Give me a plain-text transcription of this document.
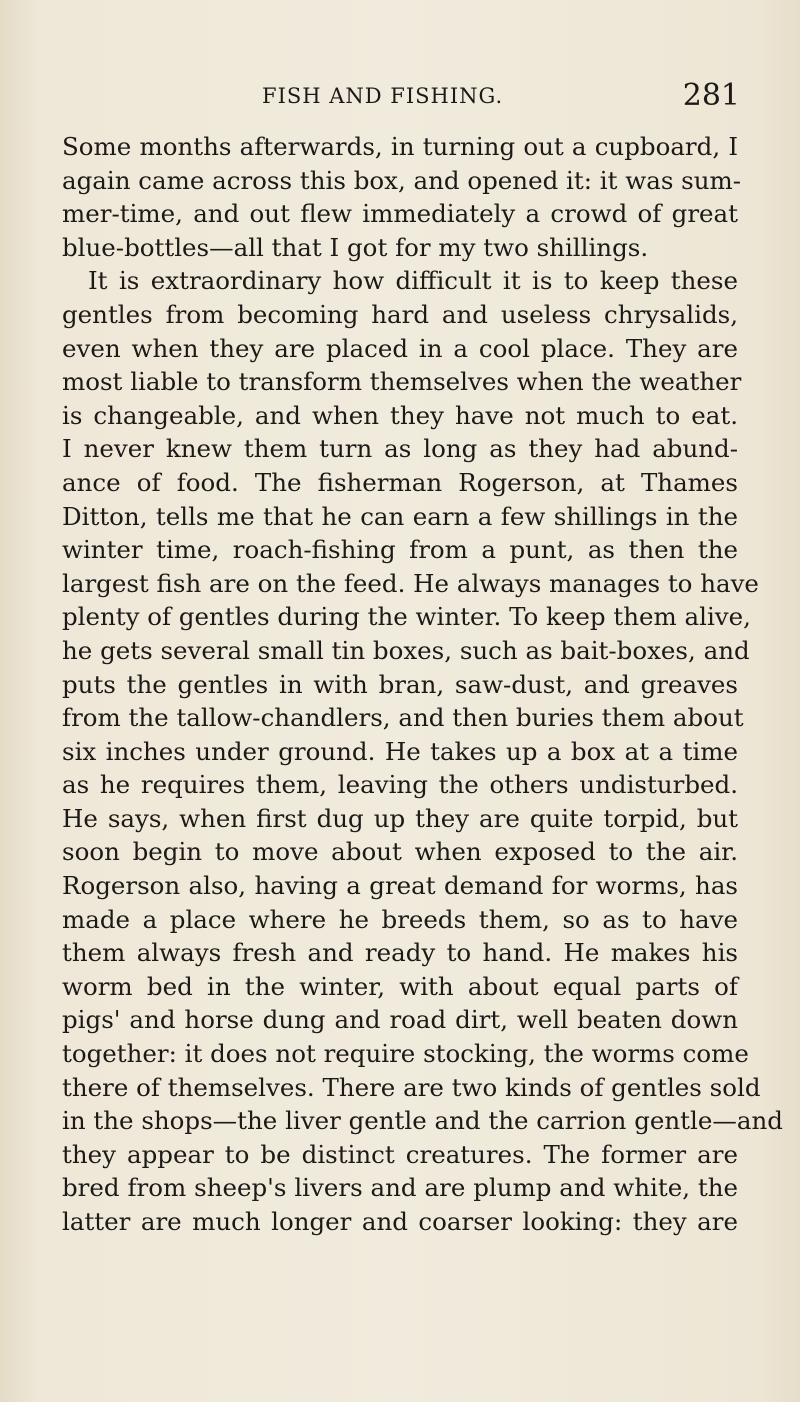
FISH AND FISHING.	281
Some months afterwards, in turning out a cupboard, I
again came across this box, and opened it: it was sum-
mer-time, and out flew immediately a crowd of great
blue-bottles—all that I got for my two shillings.
It is extraordinary how difficult it is to keep these
gentles from becoming hard and useless chrysalids,
even when they are placed in a cool place. They are
most liable to transform themselves when the weather
is changeable, and when they have not much to eat.
I never knew them turn as long as they had abund-
ance of food. The fisherman Rogerson, at Thames
Ditton, tells me that he can earn a few shillings in the
winter time, roach-fishing from a punt, as then the
largest fish are on the feed. He always manages to have
plenty of gentles during the winter. To keep them alive,
he gets several small tin boxes, such as bait-boxes, and
puts the gentles in with bran, saw-dust, and greaves
from the tallow-chandlers, and then buries them about
six inches under ground. He takes up a box at a time
as he requires them, leaving the others undisturbed.
He says, when first dug up they are quite torpid, but
soon begin to move about when exposed to the air.
Rogerson also, having a great demand for worms, has
made a place where he breeds them, so as to have
them always fresh and ready to hand. He makes his
worm bed in the winter, with about equal parts of
pigs' and horse dung and road dirt, well beaten down
together: it does not require stocking, the worms come
there of themselves. There are two kinds of gentles sold
in the shops—the liver gentle and the carrion gentle—and
they appear to be distinct creatures. The former are
bred from sheep's livers and are plump and white, the
latter are much longer and coarser looking: they are
